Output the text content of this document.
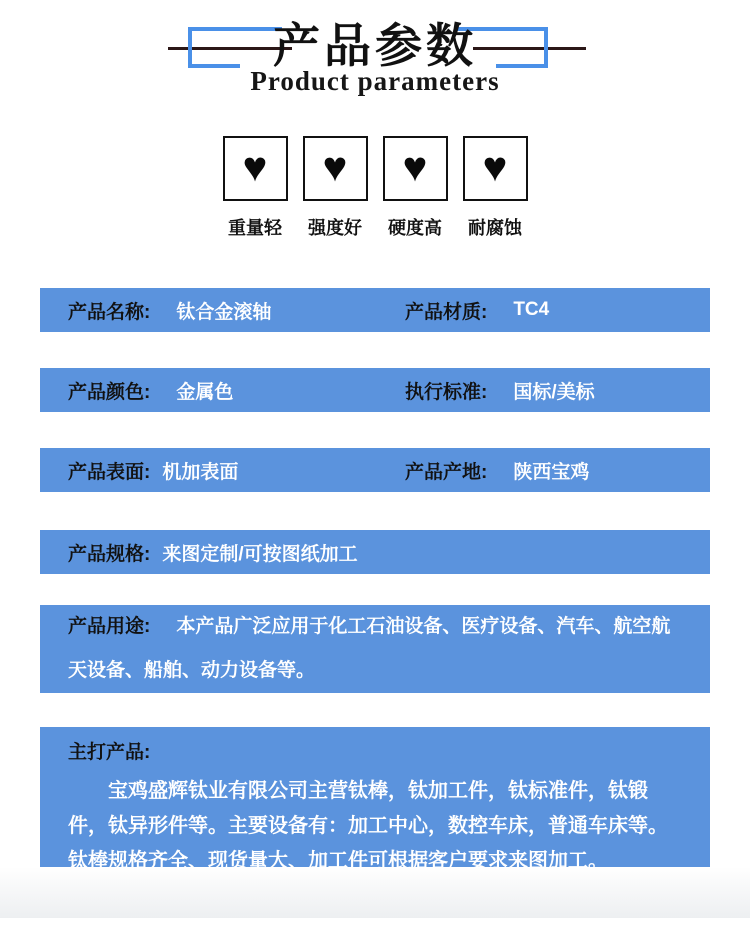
产品参数
Product parameters
♥
重量轻
♥
强度好
♥
硬度高
♥
耐腐蚀
产品名称: 钛合金滚轴	产品材质: TC4
产品颜色: 金属色	执行标准: 国标/美标
产品表面: 机加表面	产品产地: 陕西宝鸡
产品规格: 来图定制/可按图纸加工
产品用途: 本产品广泛应用于化工石油设备、医疗设备、汽车、航空航天设备、船舶、动力设备等。
主打产品:

宝鸡盛辉钛业有限公司主营钛棒，钛加工件，钛标准件，钛锻件，钛异形件等。主要设备有：加工中心，数控车床，普通车床等。钛棒规格齐全、现货量大、加工件可根据客户要求来图加工。
